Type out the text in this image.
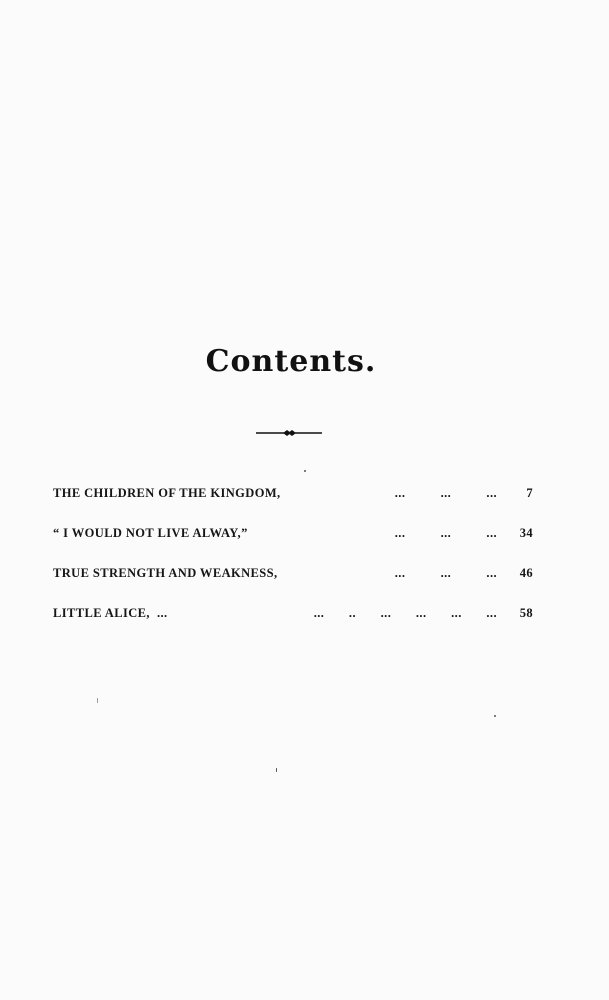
Contents.
THE CHILDREN OF THE KINGDOM,	...          ...          ...	7
“ I WOULD NOT LIVE ALWAY,”	...          ...          ...	34
TRUE STRENGTH AND WEAKNESS,	...          ...          ...	46
LITTLE ALICE,  ...	...       ..       ...       ...       ...       ...	58
